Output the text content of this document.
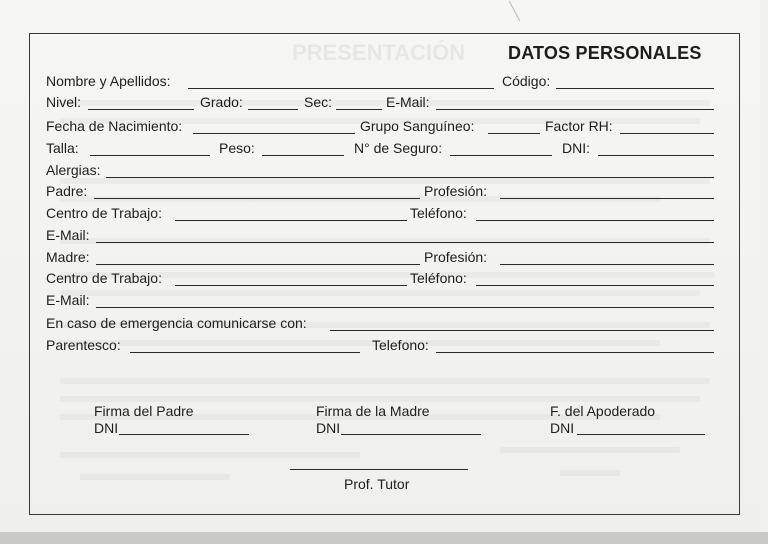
PRESENTACIÓN DATOS PERSONALES
Nombre y Apellidos:	Código:
Nivel:	Grado:	Sec:	E-Mail:
Fecha de Nacimiento:	Grupo Sanguíneo:	Factor RH:
Talla:	Peso:	N° de Seguro:	DNI:
Alergias:
Padre:	Profesión:
Centro de Trabajo:	Teléfono:
E-Mail:
Madre:	Profesión:
Centro de Trabajo:	Teléfono:
E-Mail:
En caso de emergencia comunicarse con:
Parentesco:	Telefono:
Firma del Padre
DNI
Firma de la Madre
DNI
F. del Apoderado
DNI
Prof. Tutor
